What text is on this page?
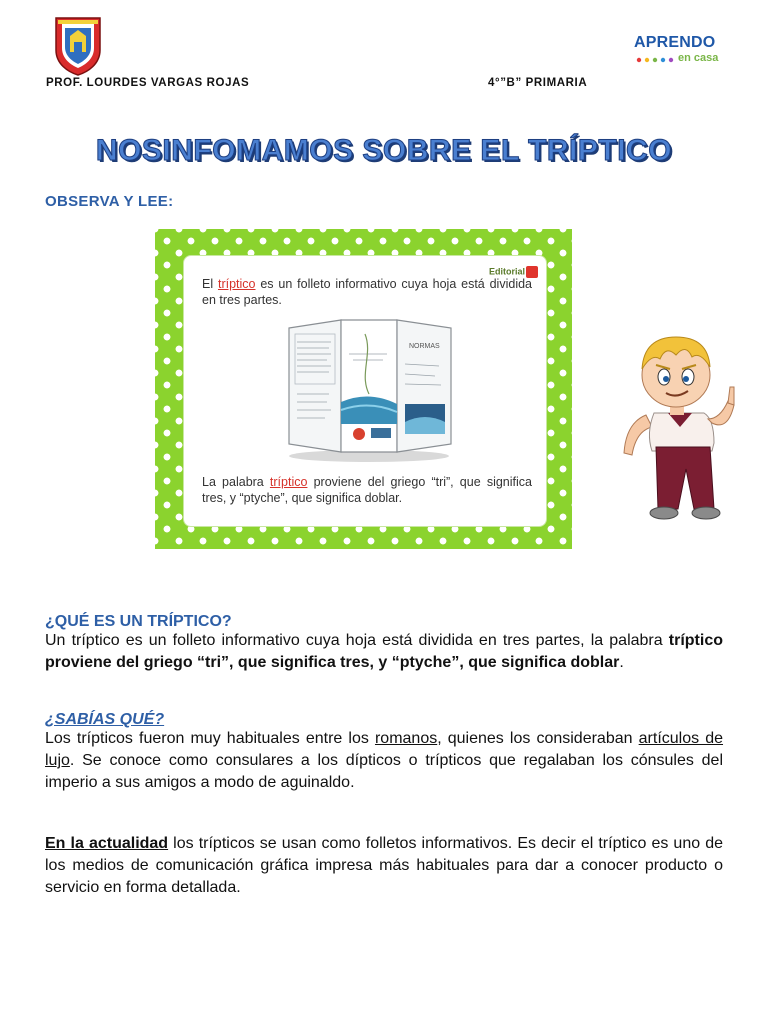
PROF. LOURDES VARGAS ROJAS	4°”B” PRIMARIA
APRENDO
en casa
NOSINFOMAMOS SOBRE EL TRÍPTICO
OBSERVA Y LEE:
Editorial
El tríptico es un folleto informativo cuya hoja está dividida en tres partes.
NORMAS
La palabra tríptico proviene del griego “tri”, que significa tres, y “ptyche”, que significa doblar.
¿QUÉ ES UN TRÍPTICO?
Un tríptico es un folleto informativo cuya hoja está dividida en tres partes, la palabra tríptico proviene del griego “tri”, que significa tres, y “ptyche”, que significa doblar.
¿SABÍAS QUÉ?
Los trípticos fueron muy habituales entre los romanos, quienes los consideraban artículos de lujo. Se conoce como consulares a los dípticos o trípticos que regalaban los cónsules del imperio a sus amigos a modo de aguinaldo.
En la actualidad los trípticos se usan como folletos informativos. Es decir el tríptico es uno de los medios de comunicación gráfica impresa más habituales para dar a conocer producto o servicio en forma detallada.
